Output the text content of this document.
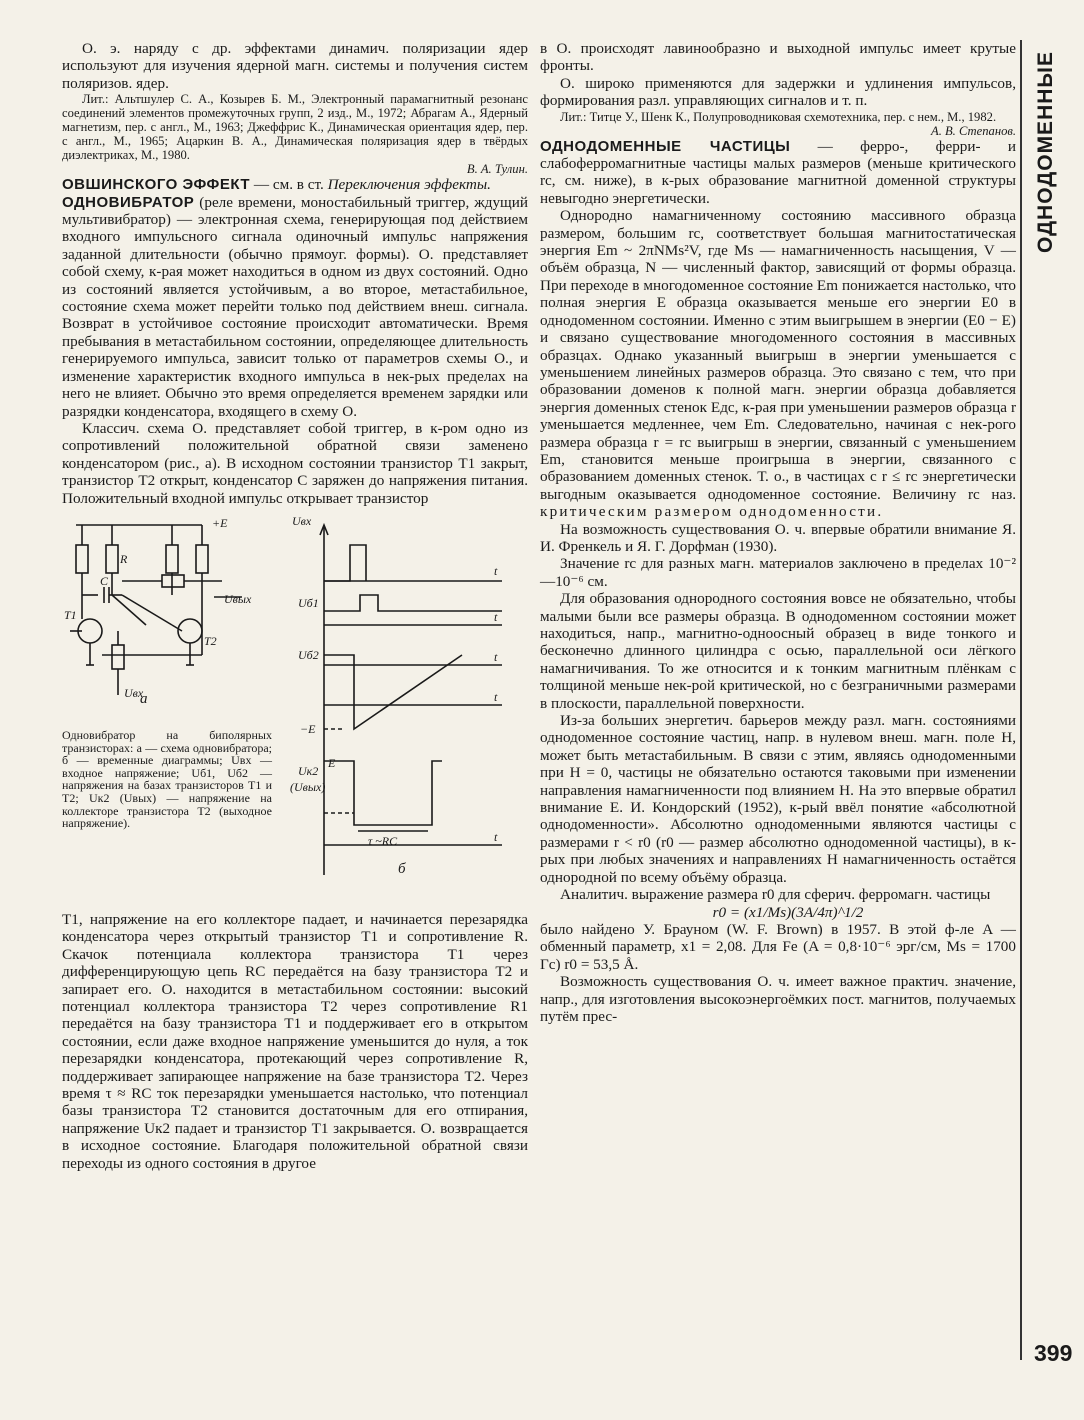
ОДНОДОМЕННЫЕ
399

О. э. наряду с др. эффектами динамич. поляризации ядер используют для изучения ядерной магн. системы и получения систем поляризов. ядер.

Лит.: Альтшулер С. А., Козырев Б. М., Электронный парамагнитный резонанс соединений элементов промежуточных групп, 2 изд., М., 1972; Абрагам А., Ядерный магнетизм, пер. с англ., М., 1963; Джеффрис К., Динамическая ориентация ядер, пер. с англ., М., 1965; Ацаркин В. А., Динамическая поляризация ядер в твёрдых диэлектриках, М., 1980.
В. А. Тулин.

ОВШИНСКОГО ЭФФЕКТ — см. в ст. Переключения эффекты.

ОДНОВИБРАТОР (реле времени, моностабильный триггер, ждущий мультивибратор) — электронная схема, генерирующая под действием входного импульсного сигнала одиночный импульс напряжения заданной длительности (обычно прямоуг. формы). О. представляет собой схему, к-рая может находиться в одном из двух состояний. Одно из состояний является устойчивым, а во второе, метастабильное, состояние схема может перейти только под действием внеш. сигнала. Возврат в устойчивое состояние происходит автоматически. Время пребывания в метастабильном состоянии, определяющее длительность генерируемого импульса, зависит только от параметров схемы О., и изменение характеристик входного импульса в нек-рых пределах на него не влияет. Обычно это время определяется временем зарядки или разрядки конденсатора, входящего в схему О.

Классич. схема О. представляет собой триггер, в к-ром одно из сопротивлений положительной обратной связи заменено конденсатором (рис., а). В исходном состоянии транзистор T1 закрыт, транзистор T2 открыт, конденсатор C заряжен до напряжения питания. Положительный входной импульс открывает транзистор

+E
R
C
T1
T2
Uвх
Uвых
Uвх
Uб1
Uб2
−E
Uк2
(Uвых)
E
τ ~RC
t
t
t
t
t
а
б
Одновибратор на биполярных транзисторах: а — схема одновибратора; б — временные диаграммы; Uвх — входное напряжение; Uб1, Uб2 — напряжения на базах транзисторов T1 и T2; Uк2 (Uвых) — напряжение на коллекторе транзистора T2 (выходное напряжение).

T1, напряжение на его коллекторе падает, и начинается перезарядка конденсатора через открытый транзистор T1 и сопротивление R. Скачок потенциала коллектора транзистора T1 через дифференцирующую цепь RC передаётся на базу транзистора T2 и запирает его. О. находится в метастабильном состоянии: высокий потенциал коллектора транзистора T2 через сопротивление R1 передаётся на базу транзистора T1 и поддерживает его в открытом состоянии, если даже входное напряжение уменьшится до нуля, а ток перезарядки конденсатора, протекающий через сопротивление R, поддерживает запирающее напряжение на базе транзистора T2. Через время τ ≈ RC ток перезарядки уменьшается настолько, что потенциал базы транзистора T2 становится достаточным для его отпирания, напряжение Uк2 падает и транзистор T1 закрывается. О. возвращается в исходное состояние. Благодаря положительной обратной связи переходы из одного состояния в другое

в О. происходят лавинообразно и выходной импульс имеет крутые фронты.

О. широко применяются для задержки и удлинения импульсов, формирования разл. управляющих сигналов и т. п.

Лит.: Титце У., Шенк К., Полупроводниковая схемотехника, пер. с нем., М., 1982.
А. В. Степанов.

ОДНОДОМЕННЫЕ ЧАСТИЦЫ — ферро-, ферри- и слабоферромагнитные частицы малых размеров (меньше критического rc, см. ниже), в к-рых образование магнитной доменной структуры невыгодно энергетически.

Однородно намагниченному состоянию массивного образца размером, большим rc, соответствует большая магнитостатическая энергия Em ~ 2πNMs²V, где Ms — намагниченность насыщения, V — объём образца, N — численный фактор, зависящий от формы образца. При переходе в многодоменное состояние Em понижается настолько, что полная энергия E образца оказывается меньше его энергии E0 в однодоменном состоянии. Именно с этим выигрышем в энергии (E0 − E) и связано существование многодоменного состояния в массивных образцах. Однако указанный выигрыш в энергии уменьшается с уменьшением линейных размеров образца. Это связано с тем, что при образовании доменов к полной магн. энергии образца добавляется энергия доменных стенок Eдс, к-рая при уменьшении размеров образца r уменьшается медленнее, чем Em. Следовательно, начиная с нек-рого размера образца r = rc выигрыш в энергии, связанный с уменьшением Em, становится меньше проигрыша в энергии, связанного с образованием доменных стенок. Т. о., в частицах с r ≤ rc энергетически выгодным оказывается однодоменное состояние. Величину rc наз. критическим размером однодоменности.

На возможность существования О. ч. впервые обратили внимание Я. И. Френкель и Я. Г. Дорфман (1930).

Значение rc для разных магн. материалов заключено в пределах 10⁻²—10⁻⁶ см.

Для образования однородного состояния вовсе не обязательно, чтобы малыми были все размеры образца. В однодоменном состоянии может находиться, напр., магнитно-одноосный образец в виде тонкого и бесконечно длинного цилиндра с осью, параллельной оси лёгкого намагничивания. То же относится и к тонким магнитным плёнкам с толщиной меньше нек-рой критической, но с безграничными размерами в плоскости, параллельной поверхности.

Из-за больших энергетич. барьеров между разл. магн. состояниями однодоменное состояние частиц, напр. в нулевом внеш. магн. поле H, может быть метастабильным. В связи с этим, являясь однодоменными при H = 0, частицы не обязательно остаются таковыми при изменении направления намагниченности под влиянием H. На это впервые обратил внимание Е. И. Кондорский (1952), к-рый ввёл понятие «абсолютной однодоменности». Абсолютно однодоменными являются частицы с размерами r < r0 (r0 — размер абсолютно однодоменной частицы), в к-рых при любых значениях и направлениях H намагниченность остаётся однородной по всему объёму образца.

Аналитич. выражение размера r0 для сферич. ферромагн. частицы

r0 = (x1/Ms)(3A/4π)^1/2

было найдено У. Брауном (W. F. Brown) в 1957. В этой ф-ле A — обменный параметр, x1 = 2,08. Для Fe (A = 0,8·10⁻⁶ эрг/см, Ms = 1700 Гс) r0 = 53,5 Å.

Возможность существования О. ч. имеет важное практич. значение, напр., для изготовления высокоэнергоёмких пост. магнитов, получаемых путём прес-
